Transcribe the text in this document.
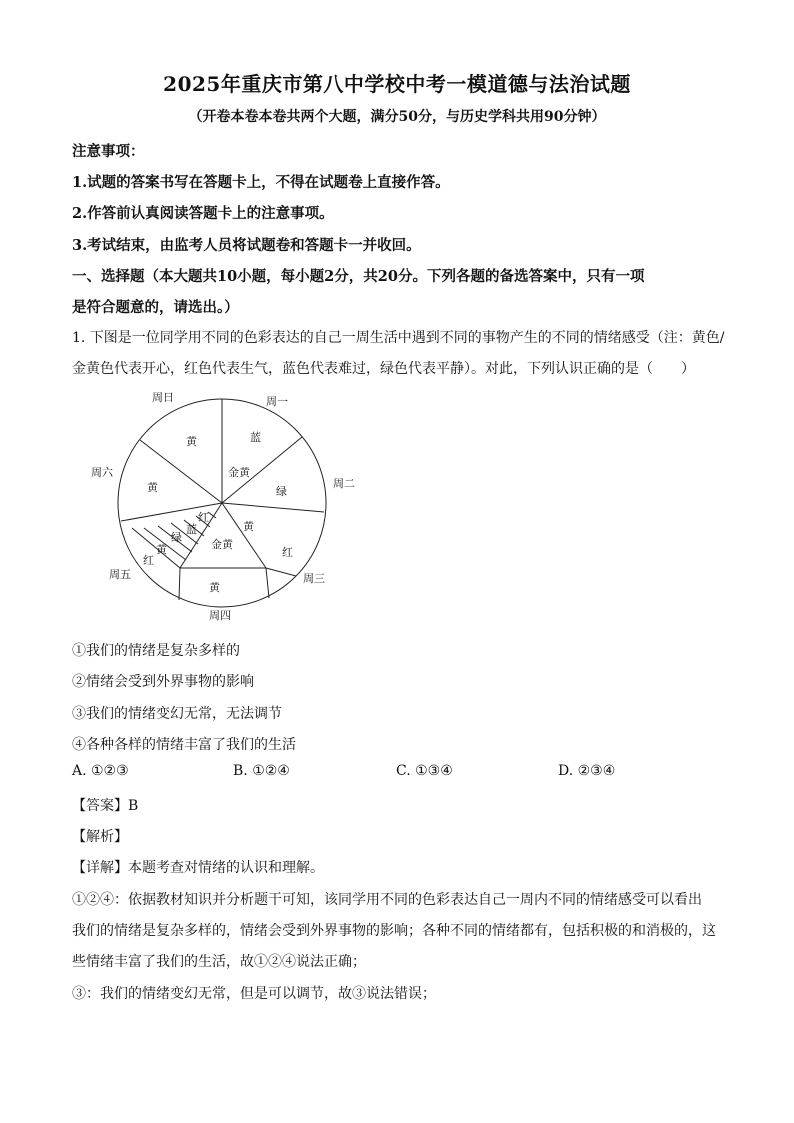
2025年重庆市第八中学校中考一模道德与法治试题
（开卷本卷本卷共两个大题，满分50分，与历史学科共用90分钟）
注意事项：
1.试题的答案书写在答题卡上，不得在试题卷上直接作答。
2.作答前认真阅读答题卡上的注意事项。
3.考试结束，由监考人员将试题卷和答题卡一并收回。
一、选择题（本大题共10小题，每小题2分，共20分。下列各题的备选答案中，只有一项
是符合题意的，请选出。）
1. 下图是一位同学用不同的色彩表达的自己一周生活中遇到不同的事物产生的不同的情绪感受（注：黄色/
金黄色代表开心，红色代表生气，蓝色代表难过，绿色代表平静）。对此，下列认识正确的是（　　）
周日	周一
周六
周二
周五	周三
周四
黄	蓝
金黄
绿
黄
红
蓝
绿
黄
金黄
黄
红
红
黄
①我们的情绪是复杂多样的
②情绪会受到外界事物的影响
③我们的情绪变幻无常，无法调节
④各种各样的情绪丰富了我们的生活
A. ①②③	B. ①②④	C. ①③④	D. ②③④
【答案】B
【解析】
【详解】本题考查对情绪的认识和理解。
①②④：依据教材知识并分析题干可知，该同学用不同的色彩表达自己一周内不同的情绪感受可以看出
我们的情绪是复杂多样的，情绪会受到外界事物的影响；各种不同的情绪都有，包括积极的和消极的，这
些情绪丰富了我们的生活，故①②④说法正确；
③：我们的情绪变幻无常，但是可以调节，故③说法错误；
